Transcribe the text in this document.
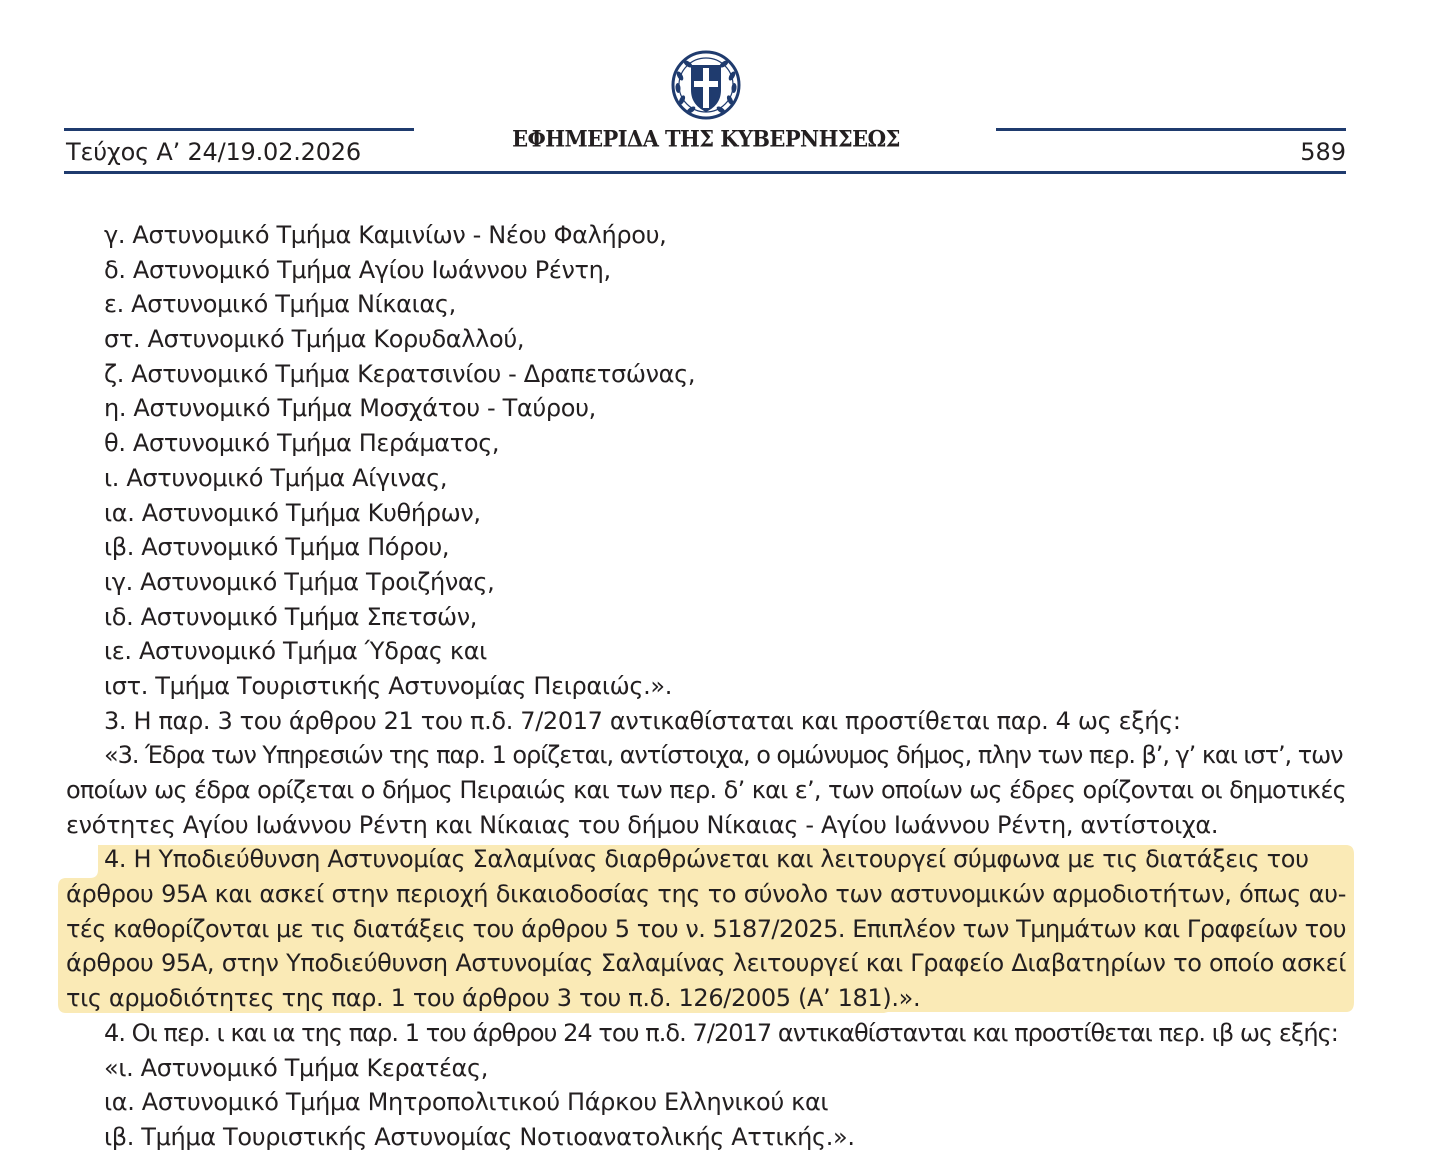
Τεύχος Α’ 24/19.02.2026	ΕΦΗΜΕΡΙΔΑ ΤΗΣ ΚΥΒΕΡΝΗΣΕΩΣ	589
γ. Αστυνομικό Τμήμα Καμινίων - Νέου Φαλήρου,
δ. Αστυνομικό Τμήμα Αγίου Ιωάννου Ρέντη,
ε. Αστυνομικό Τμήμα Νίκαιας,
στ. Αστυνομικό Τμήμα Κορυδαλλού,
ζ. Αστυνομικό Τμήμα Κερατσινίου - Δραπετσώνας,
η. Αστυνομικό Τμήμα Μοσχάτου - Ταύρου,
θ. Αστυνομικό Τμήμα Περάματος,
ι. Αστυνομικό Τμήμα Αίγινας,
ια. Αστυνομικό Τμήμα Κυθήρων,
ιβ. Αστυνομικό Τμήμα Πόρου,
ιγ. Αστυνομικό Τμήμα Τροιζήνας,
ιδ. Αστυνομικό Τμήμα Σπετσών,
ιε. Αστυνομικό Τμήμα Ύδρας και
ιστ. Τμήμα Τουριστικής Αστυνομίας Πειραιώς.».
3. Η παρ. 3 του άρθρου 21 του π.δ. 7/2017 αντικαθίσταται και προστίθεται παρ. 4 ως εξής:
«3. Έδρα των Υπηρεσιών της παρ. 1 ορίζεται, αντίστοιχα, ο ομώνυμος δήμος, πλην των περ. β’, γ’ και ιστ’, των
οποίων ως έδρα ορίζεται ο δήμος Πειραιώς και των περ. δ’ και ε’, των οποίων ως έδρες ορίζονται οι δημοτικές
ενότητες Αγίου Ιωάννου Ρέντη και Νίκαιας του δήμου Νίκαιας - Αγίου Ιωάννου Ρέντη, αντίστοιχα.
4. Η Υποδιεύθυνση Αστυνομίας Σαλαμίνας διαρθρώνεται και λειτουργεί σύμφωνα με τις διατάξεις του
άρθρου 95Α και ασκεί στην περιοχή δικαιοδοσίας της το σύνολο των αστυνομικών αρμοδιοτήτων, όπως αυ-
τές καθορίζονται με τις διατάξεις του άρθρου 5 του ν. 5187/2025. Επιπλέον των Τμημάτων και Γραφείων του
άρθρου 95Α, στην Υποδιεύθυνση Αστυνομίας Σαλαμίνας λειτουργεί και Γραφείο Διαβατηρίων το οποίο ασκεί
τις αρμοδιότητες της παρ. 1 του άρθρου 3 του π.δ. 126/2005 (Α’ 181).».
4. Οι περ. ι και ια της παρ. 1 του άρθρου 24 του π.δ. 7/2017 αντικαθίστανται και προστίθεται περ. ιβ ως εξής:
«ι. Αστυνομικό Τμήμα Κερατέας,
ια. Αστυνομικό Τμήμα Μητροπολιτικού Πάρκου Ελληνικού και
ιβ. Τμήμα Τουριστικής Αστυνομίας Νοτιοανατολικής Αττικής.».
